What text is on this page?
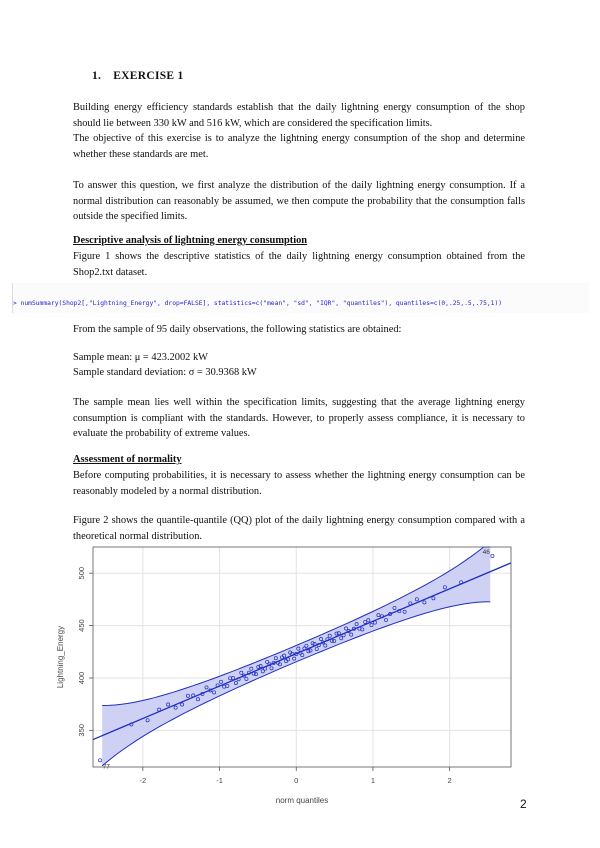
1. EXERCISE 1
Building energy efficiency standards establish that the daily lightning energy consumption of the shop should lie between 330 kW and 516 kW, which are considered the specification limits.
The objective of this exercise is to analyze the lightning energy consumption of the shop and determine whether these standards are met.
To answer this question, we first analyze the distribution of the daily lightning energy consumption. If a normal distribution can reasonably be assumed, we then compute the probability that the consumption falls outside the specified limits.
Descriptive analysis of lightning energy consumption
Figure 1 shows the descriptive statistics of the daily lightning energy consumption obtained from the Shop2.txt dataset.

> numSummary(Shop2[,"Lightning_Energy", drop=FALSE], statistics=c("mean", "sd", "IQR", "quantiles"), quantiles=c(0,.25,.5,.75,1))

From the sample of 95 daily observations, the following statistics are obtained:
Sample mean: μ = 423.2002 kW
Sample standard deviation: σ = 30.9368 kW
The sample mean lies well within the specification limits, suggesting that the average lightning energy consumption is compliant with the standards. However, to properly assess compliance, it is necessary to evaluate the probability of extreme values.
Assessment of normality
Before computing probabilities, it is necessary to assess whether the lightning energy consumption can be reasonably modeled by a normal distribution.
Figure 2 shows the quantile-quantile (QQ) plot of the daily lightning energy consumption compared with a theoretical normal distribution.
-2	-1	0	1	2
350
400
450
500
46
77
norm quantiles
Lightning_Energy
2
